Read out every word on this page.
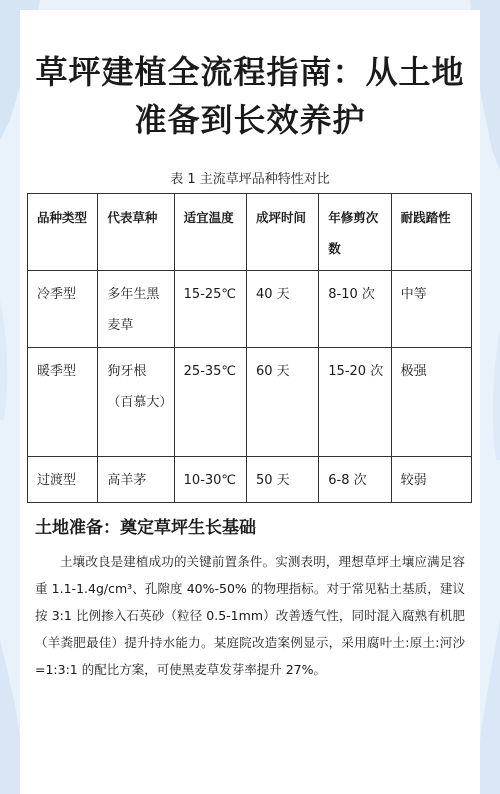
草坪建植全流程指南：从土地
准备到长效养护
表 1 主流草坪品种特性对比
品种类型	代表草种	适宜温度	成坪时间	年修剪次数	耐践踏性
冷季型	多年生黑麦草	15-25℃	40 天	8-10 次	中等
暖季型	狗牙根（百慕大）	25-35℃	60 天	15-20 次	极强
过渡型	高羊茅	10-30℃	50 天	6-8 次	较弱
土地准备：奠定草坪生长基础

土壤改良是建植成功的关键前置条件。实测表明，理想草坪土壤应满足容重 1.1-1.4g/cm³、孔隙度 40%-50% 的物理指标。对于常见粘土基质，建议按 3:1 比例掺入石英砂（粒径 0.5-1mm）改善透气性，同时混入腐熟有机肥（羊粪肥最佳）提升持水能力。某庭院改造案例显示，采用腐叶土:原土:河沙=1:3:1 的配比方案，可使黑麦草发芽率提升 27%。
